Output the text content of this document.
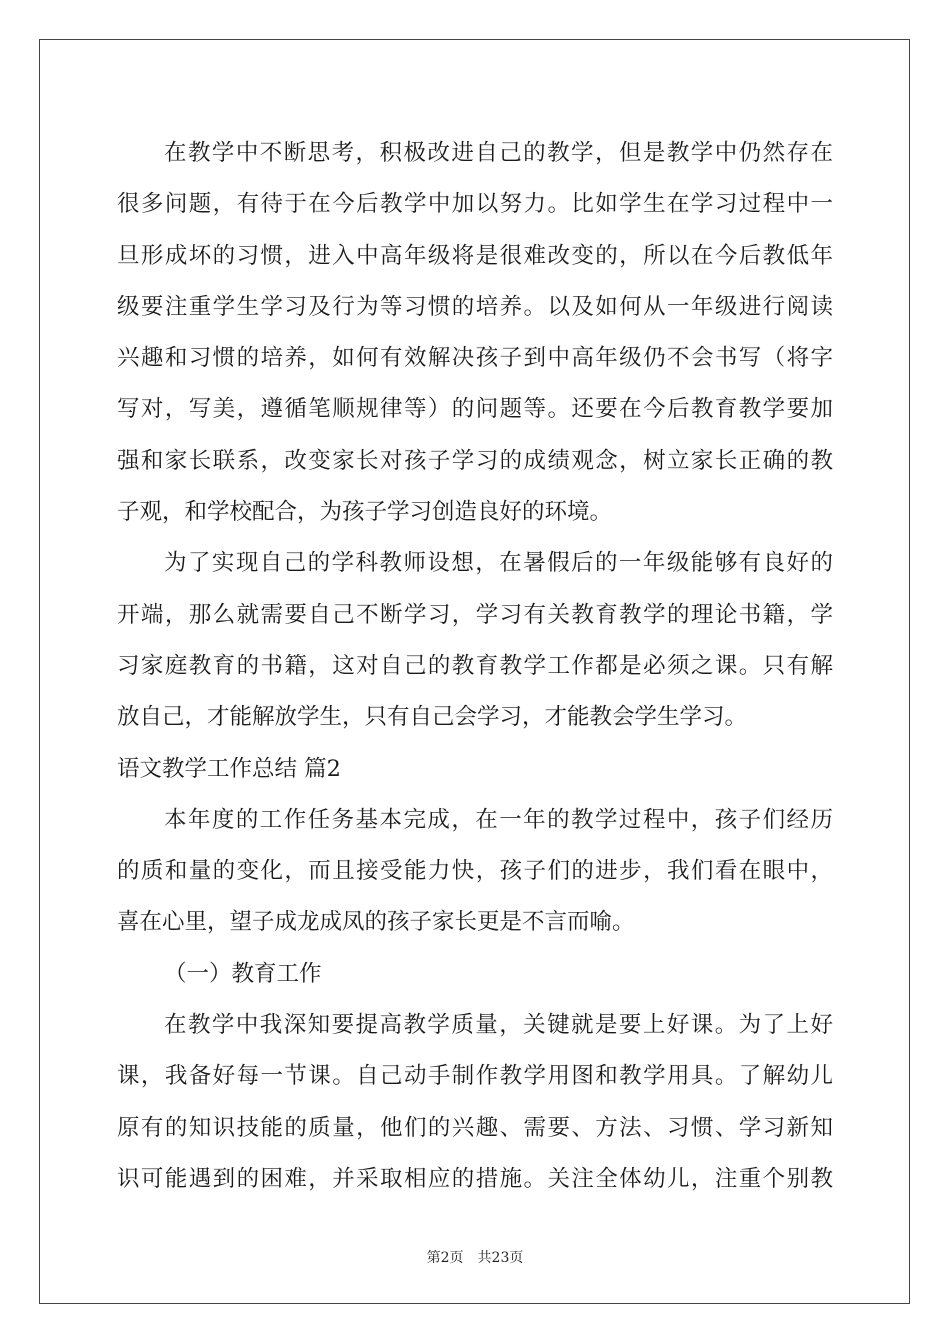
在教学中不断思考，积极改进自己的教学，但是教学中仍然存在
很多问题，有待于在今后教学中加以努力。比如学生在学习过程中一
旦形成坏的习惯，进入中高年级将是很难改变的，所以在今后教低年
级要注重学生学习及行为等习惯的培养。以及如何从一年级进行阅读
兴趣和习惯的培养，如何有效解决孩子到中高年级仍不会书写（将字
写对，写美，遵循笔顺规律等）的问题等。还要在今后教育教学要加
强和家长联系，改变家长对孩子学习的成绩观念，树立家长正确的教
子观，和学校配合，为孩子学习创造良好的环境。
为了实现自己的学科教师设想，在暑假后的一年级能够有良好的
开端，那么就需要自己不断学习，学习有关教育教学的理论书籍，学
习家庭教育的书籍，这对自己的教育教学工作都是必须之课。只有解
放自己，才能解放学生，只有自己会学习，才能教会学生学习。
语文教学工作总结 篇2
本年度的工作任务基本完成，在一年的教学过程中，孩子们经历
的质和量的变化，而且接受能力快，孩子们的进步，我们看在眼中，
喜在心里，望子成龙成凤的孩子家长更是不言而喻。
（一）教育工作
在教学中我深知要提高教学质量，关键就是要上好课。为了上好
课，我备好每一节课。自己动手制作教学用图和教学用具。了解幼儿
原有的知识技能的质量，他们的兴趣、需要、方法、习惯、学习新知
识可能遇到的困难，并采取相应的措施。关注全体幼儿，注重个别教
第2页 共23页
